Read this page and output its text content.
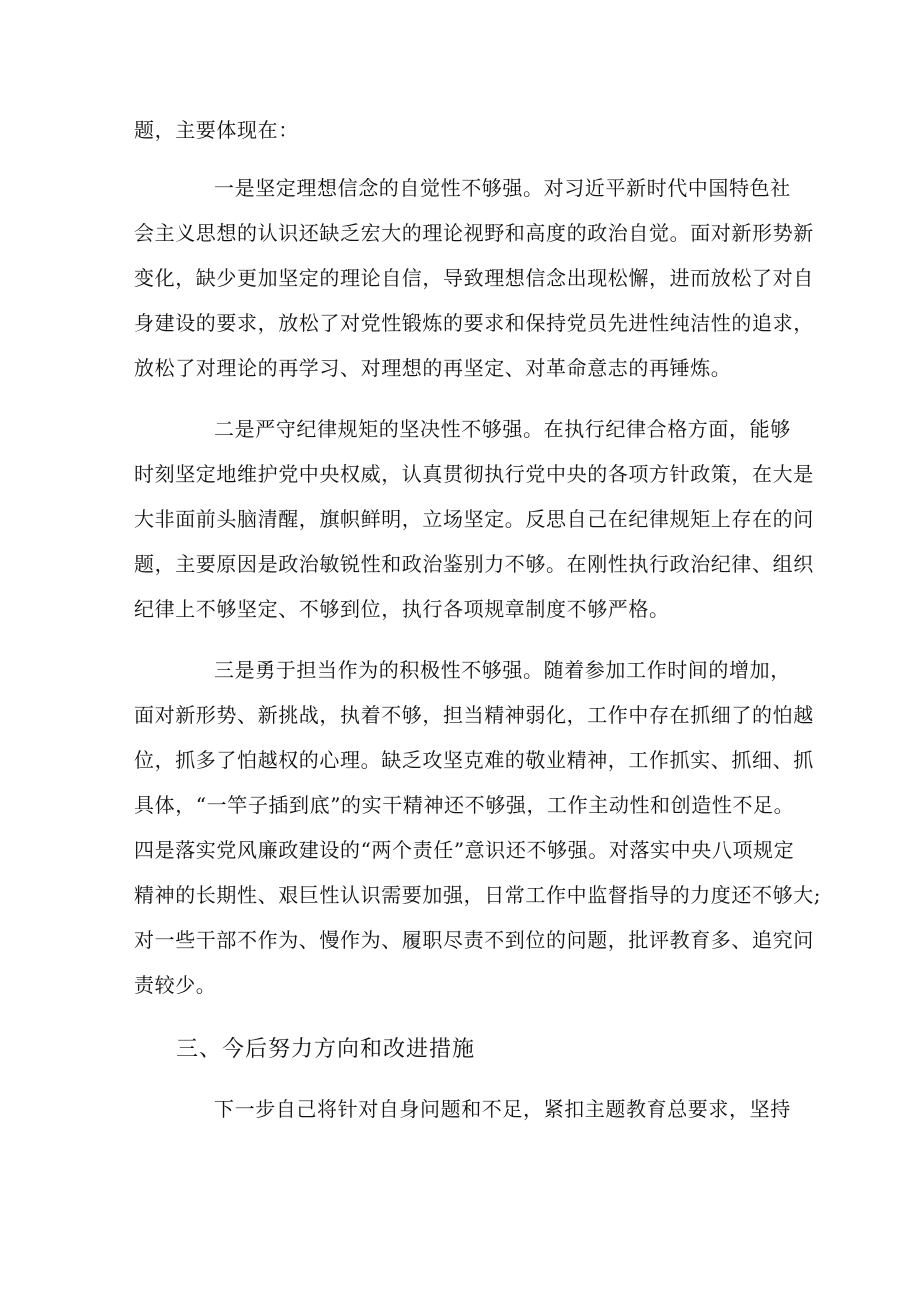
题，主要体现在：
一是坚定理想信念的自觉性不够强。对习近平新时代中国特色社
会主义思想的认识还缺乏宏大的理论视野和高度的政治自觉。面对新形势新
变化，缺少更加坚定的理论自信，导致理想信念出现松懈，进而放松了对自
身建设的要求，放松了对党性锻炼的要求和保持党员先进性纯洁性的追求，
放松了对理论的再学习、对理想的再坚定、对革命意志的再锤炼。
二是严守纪律规矩的坚决性不够强。在执行纪律合格方面，能够
时刻坚定地维护党中央权威，认真贯彻执行党中央的各项方针政策，在大是
大非面前头脑清醒，旗帜鲜明，立场坚定。反思自己在纪律规矩上存在的问
题，主要原因是政治敏锐性和政治鉴别力不够。在刚性执行政治纪律、组织
纪律上不够坚定、不够到位，执行各项规章制度不够严格。
三是勇于担当作为的积极性不够强。随着参加工作时间的增加，
面对新形势、新挑战，执着不够，担当精神弱化，工作中存在抓细了的怕越
位，抓多了怕越权的心理。缺乏攻坚克难的敬业精神，工作抓实、抓细、抓
具体，“一竿子插到底”的实干精神还不够强，工作主动性和创造性不足。
四是落实党风廉政建设的“两个责任”意识还不够强。对落实中央八项规定
精神的长期性、艰巨性认识需要加强，日常工作中监督指导的力度还不够大;
对一些干部不作为、慢作为、履职尽责不到位的问题，批评教育多、追究问
责较少。
三、今后努力方向和改进措施
下一步自己将针对自身问题和不足，紧扣主题教育总要求，坚持
